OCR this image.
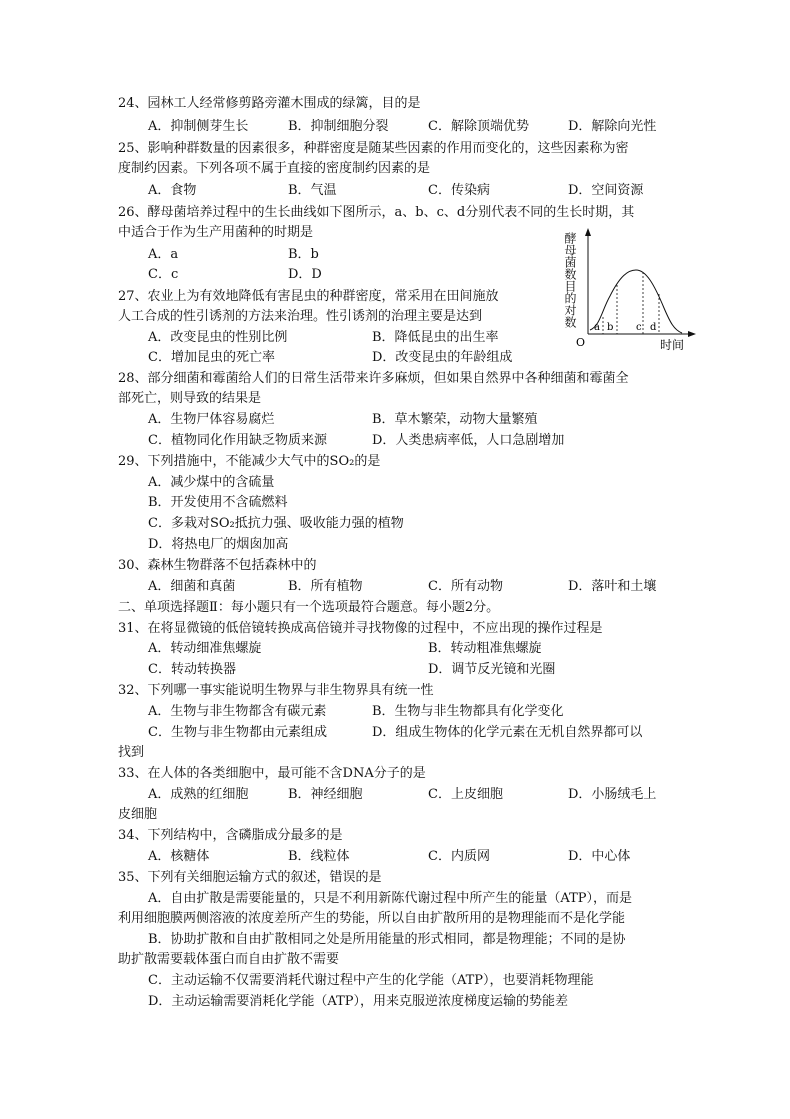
24、园林工人经常修剪路旁灌木围成的绿篱，目的是
A．抑制侧芽生长	B．抑制细胞分裂	C．解除顶端优势	D．解除向光性
25、影响种群数量的因素很多，种群密度是随某些因素的作用而变化的，这些因素称为密
度制约因素。下列各项不属于直接的密度制约因素的是
A．食物	B．气温	C．传染病	D．空间资源
26、酵母菌培养过程中的生长曲线如下图所示，a、b、c、d分别代表不同的生长时期，其
中适合于作为生产用菌种的时期是
A．a	B．b
C．c	D．D	酵母菌数目的对数 a b c d
O	时间
27、农业上为有效地降低有害昆虫的种群密度，常采用在田间施放
人工合成的性引诱剂的方法来治理。性引诱剂的治理主要是达到
A．改变昆虫的性别比例	B．降低昆虫的出生率
C．增加昆虫的死亡率	D．改变昆虫的年龄组成
28、部分细菌和霉菌给人们的日常生活带来许多麻烦，但如果自然界中各种细菌和霉菌全
部死亡，则导致的结果是
A．生物尸体容易腐烂	B．草木繁荣，动物大量繁殖
C．植物同化作用缺乏物质来源	D．人类患病率低，人口急剧增加
29、下列措施中，不能减少大气中的SO₂的是
A．减少煤中的含硫量
B．开发使用不含硫燃料
C．多栽对SO₂抵抗力强、吸收能力强的植物
D．将热电厂的烟囱加高
30、森林生物群落不包括森林中的
A．细菌和真菌	B．所有植物	C．所有动物	D．落叶和土壤
二、单项选择题Ⅱ：每小题只有一个选项最符合题意。每小题2分。
31、在将显微镜的低倍镜转换成高倍镜并寻找物像的过程中，不应出现的操作过程是
A．转动细准焦螺旋	B．转动粗准焦螺旋
C．转动转换器	D．调节反光镜和光圈
32、下列哪一事实能说明生物界与非生物界具有统一性
A．生物与非生物都含有碳元素	B．生物与非生物都具有化学变化
C．生物与非生物都由元素组成	D．组成生物体的化学元素在无机自然界都可以
找到
33、在人体的各类细胞中，最可能不含DNA分子的是
A．成熟的红细胞	B．神经细胞	C．上皮细胞	D．小肠绒毛上
皮细胞
34、下列结构中，含磷脂成分最多的是
A．核糖体	B．线粒体	C．内质网	D．中心体
35、下列有关细胞运输方式的叙述，错误的是
A．自由扩散是需要能量的，只是不利用新陈代谢过程中所产生的能量（ATP），而是
利用细胞膜两侧溶液的浓度差所产生的势能，所以自由扩散所用的是物理能而不是化学能
B．协助扩散和自由扩散相同之处是所用能量的形式相同，都是物理能；不同的是协
助扩散需要载体蛋白而自由扩散不需要
C．主动运输不仅需要消耗代谢过程中产生的化学能（ATP），也要消耗物理能
D．主动运输需要消耗化学能（ATP），用来克服逆浓度梯度运输的势能差
